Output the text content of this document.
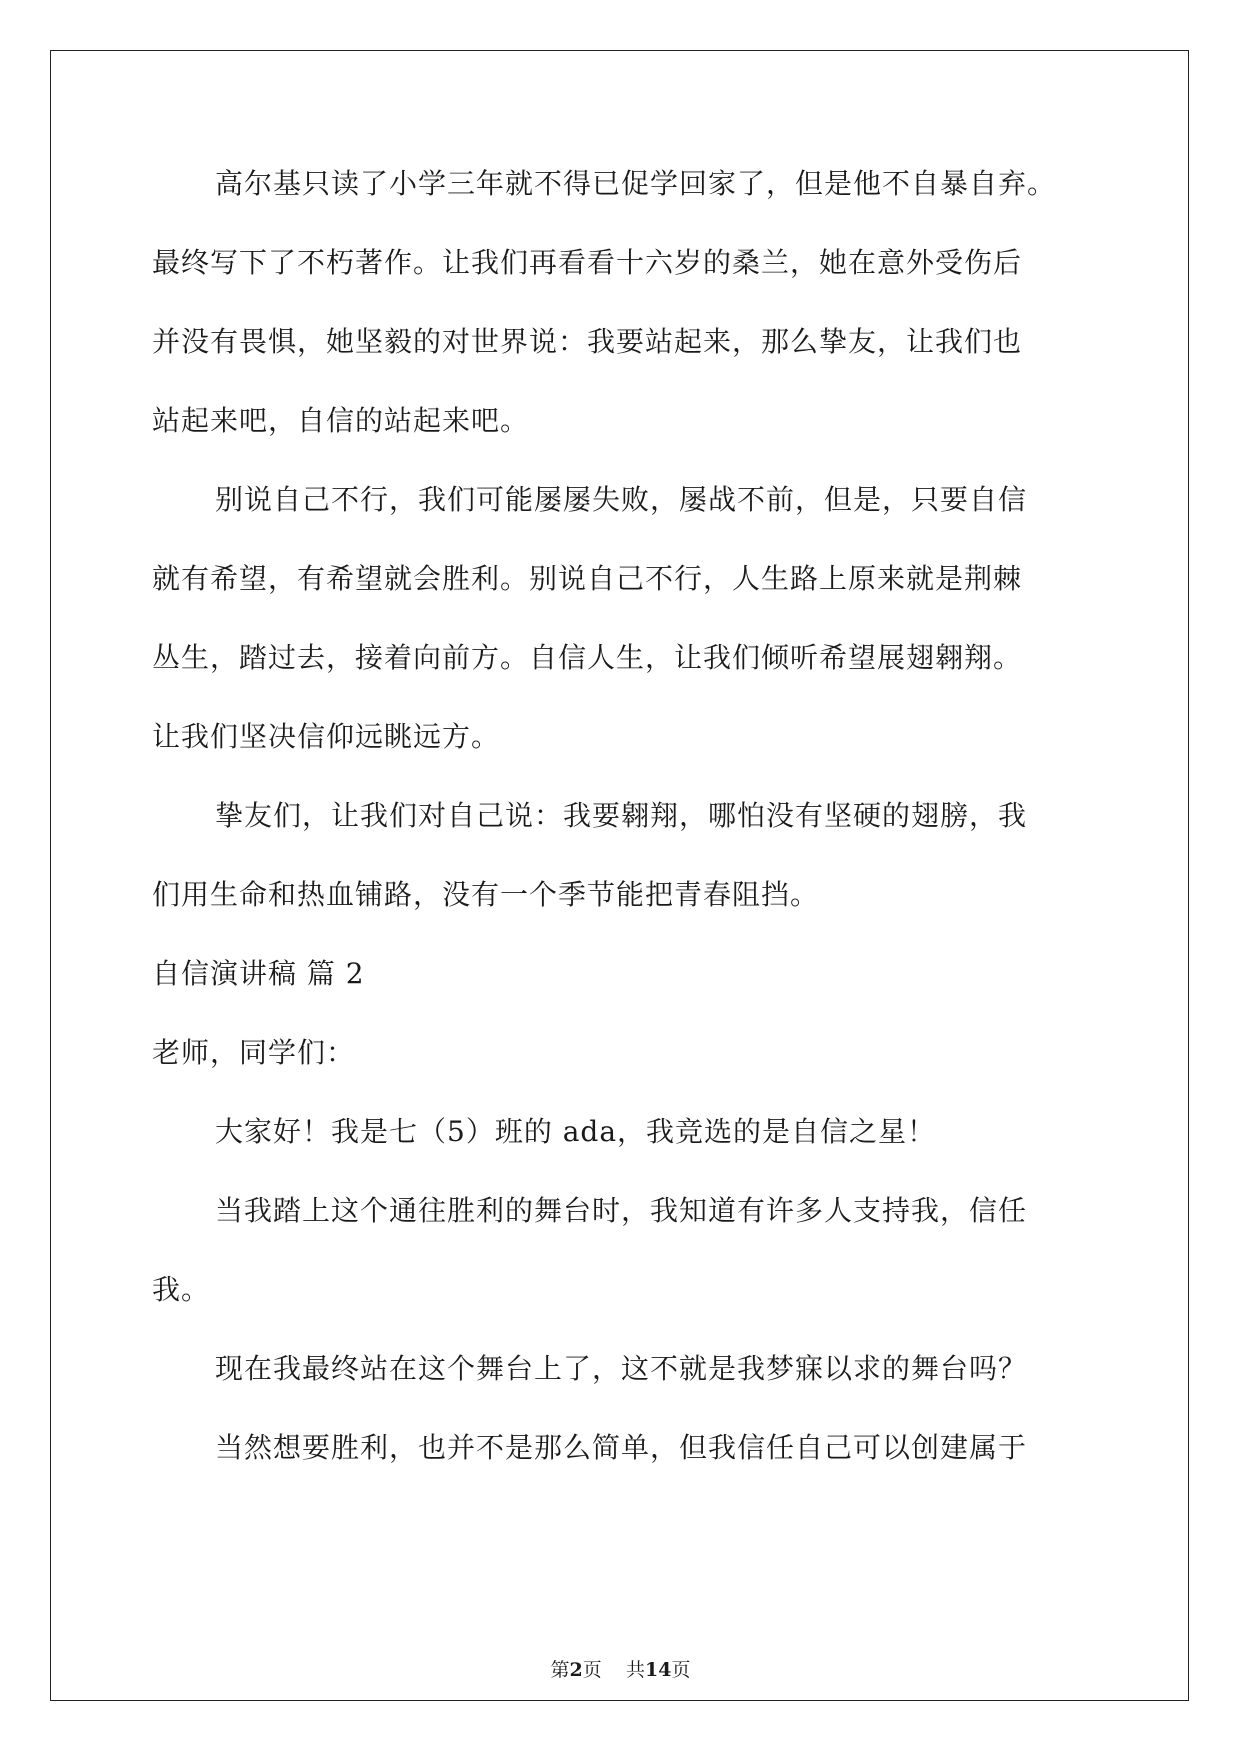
高尔基只读了小学三年就不得已促学回家了，但是他不自暴自弃。
最终写下了不朽著作。让我们再看看十六岁的桑兰，她在意外受伤后
并没有畏惧，她坚毅的对世界说：我要站起来，那么挚友，让我们也
站起来吧，自信的站起来吧。
别说自己不行，我们可能屡屡失败，屡战不前，但是，只要自信
就有希望，有希望就会胜利。别说自己不行，人生路上原来就是荆棘
丛生，踏过去，接着向前方。自信人生，让我们倾听希望展翅翱翔。
让我们坚决信仰远眺远方。
挚友们，让我们对自己说：我要翱翔，哪怕没有坚硬的翅膀，我
们用生命和热血铺路，没有一个季节能把青春阻挡。
自信演讲稿 篇 2
老师，同学们：
大家好！我是七（5）班的 ada，我竞选的是自信之星！
当我踏上这个通往胜利的舞台时，我知道有许多人支持我，信任
我。
现在我最终站在这个舞台上了，这不就是我梦寐以求的舞台吗？
当然想要胜利，也并不是那么简单，但我信任自己可以创建属于
第2页 共14页
